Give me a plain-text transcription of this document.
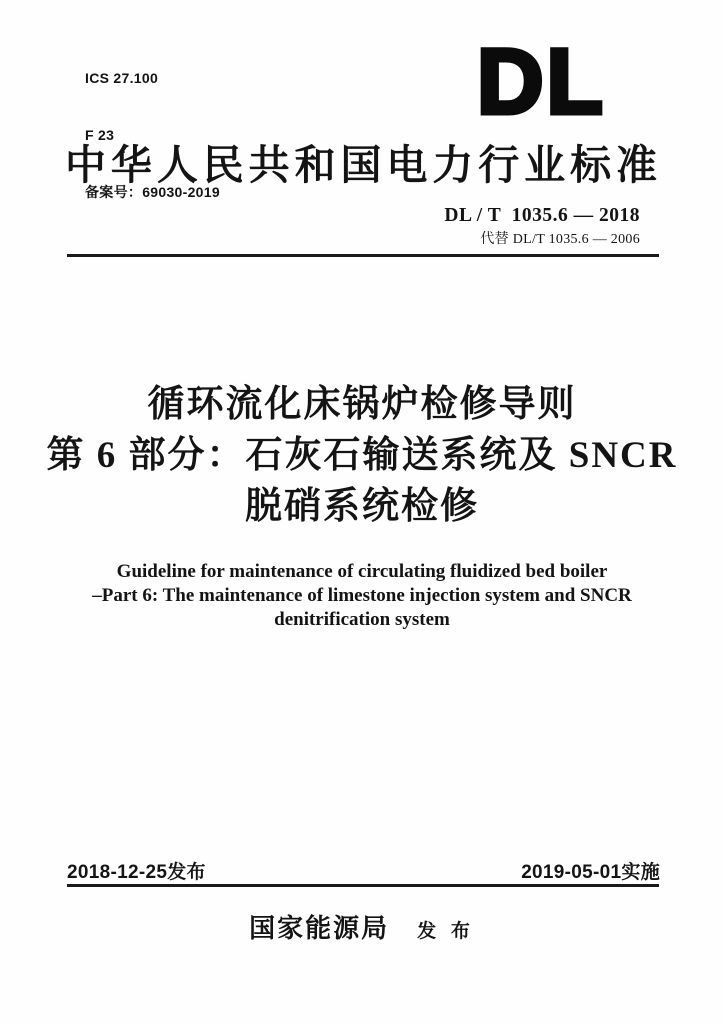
ICS 27.100

F 23

备案号：69030-2019

DL
中华人民共和国电力行业标准
DL / T  1035.6 — 2018
代替 DL/T 1035.6 — 2006
循环流化床锅炉检修导则
第 6 部分：石灰石输送系统及 SNCR
脱硝系统检修
Guideline for maintenance of circulating fluidized bed boiler
–Part 6: The maintenance of limestone injection system and SNCR
denitrification system
2018-12-25发布	2019-05-01实施
国家能源局 发 布
